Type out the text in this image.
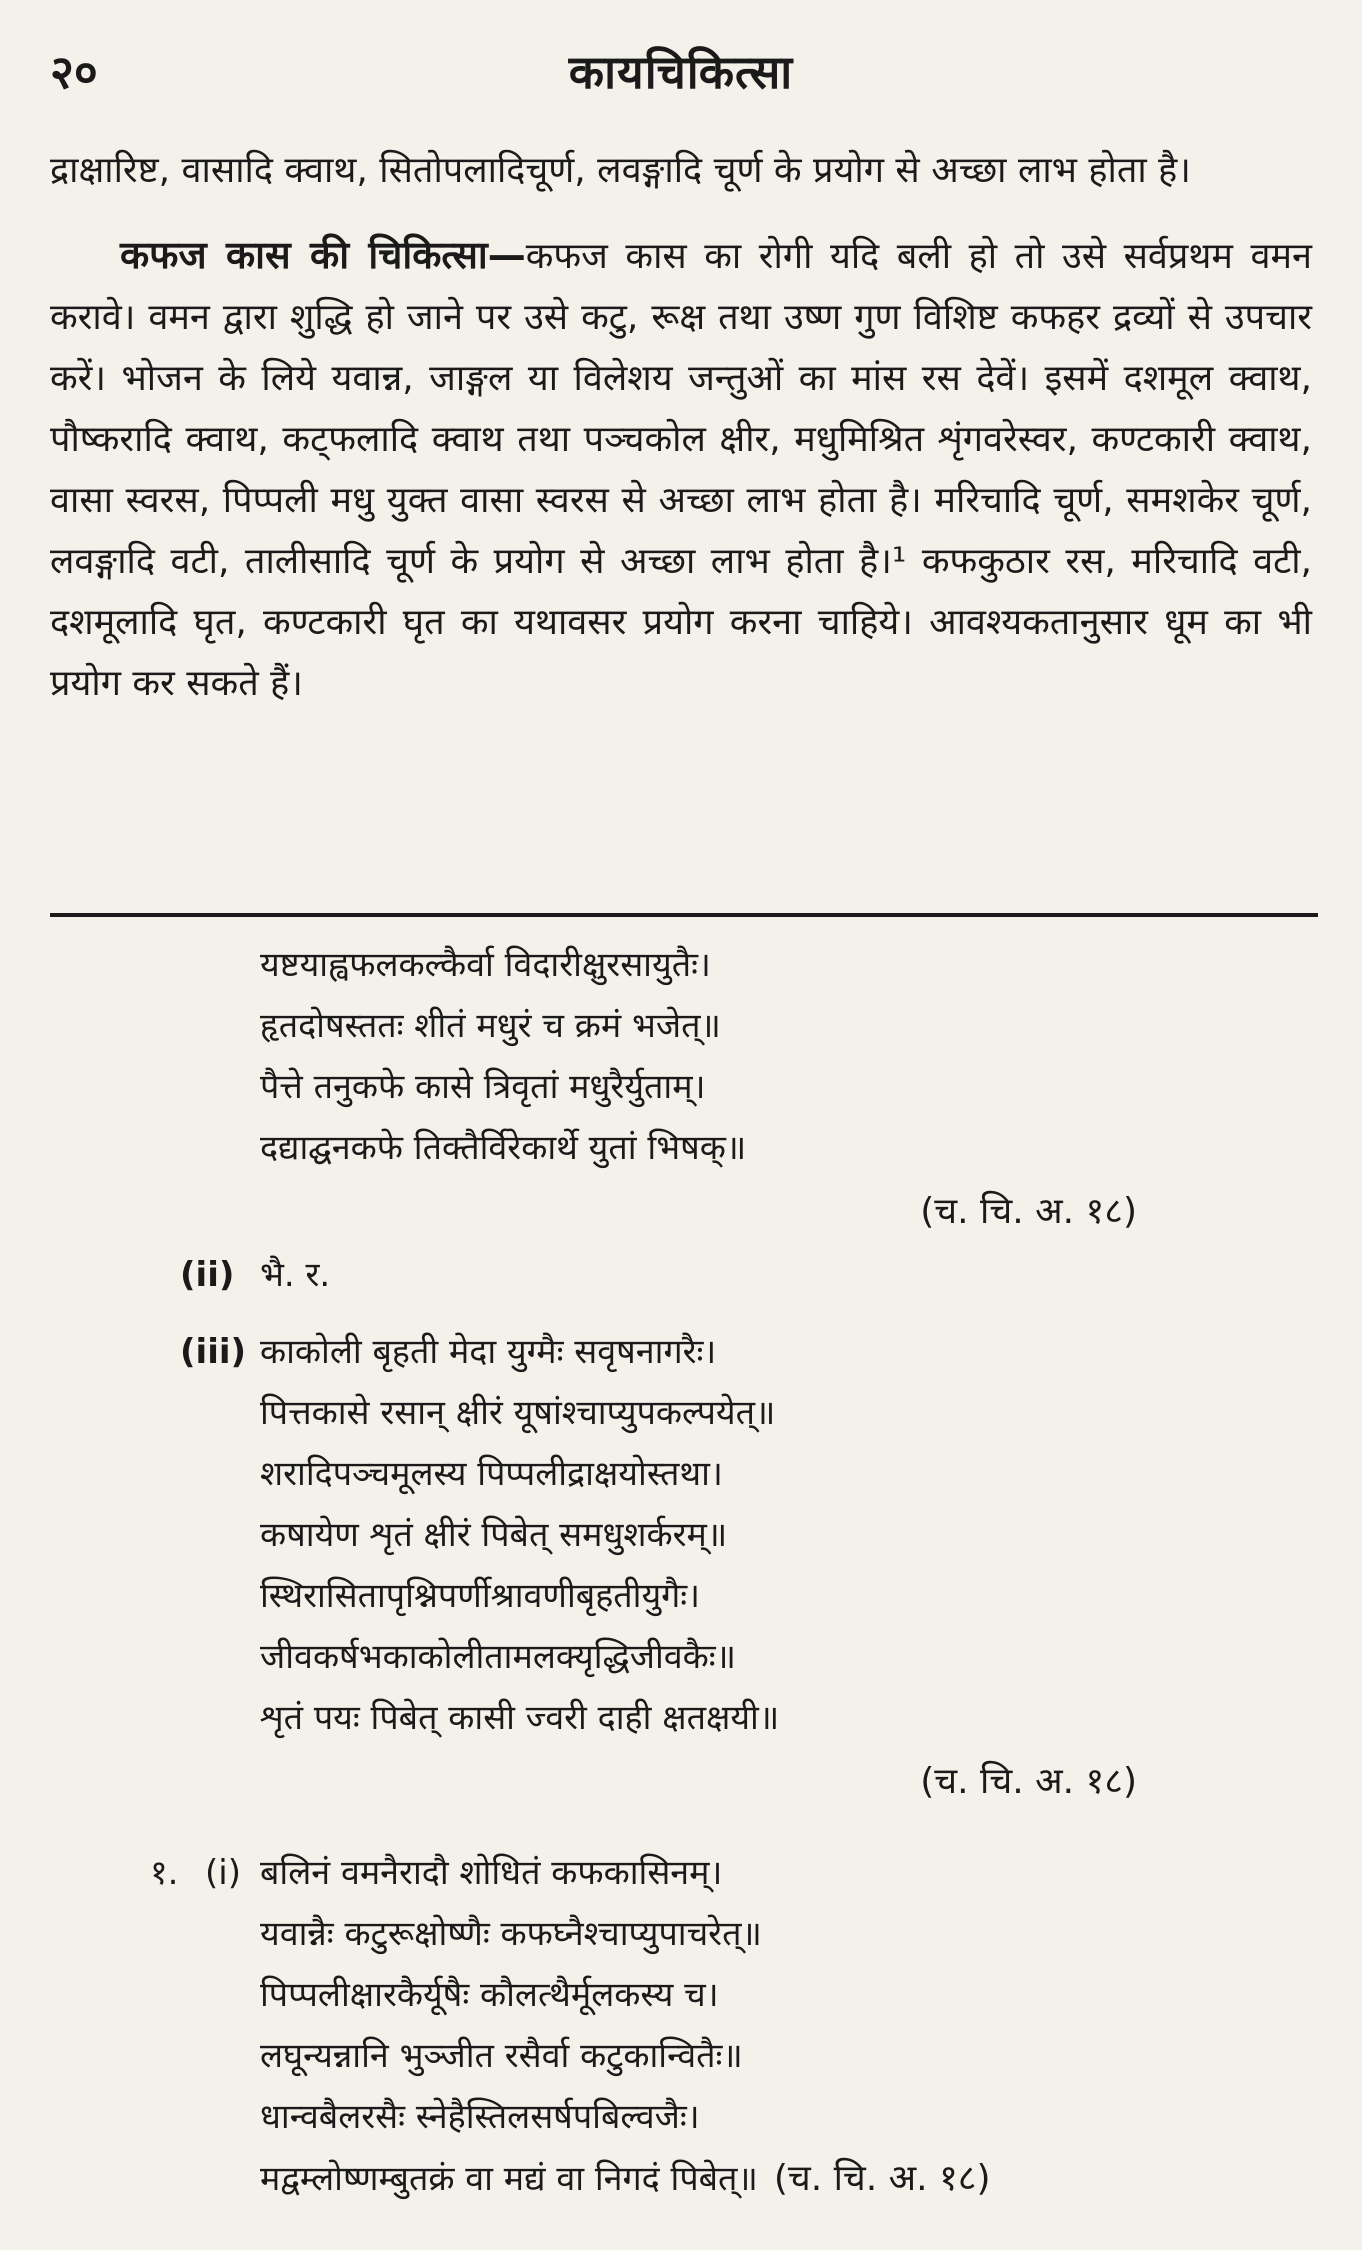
२०	कायचिकित्सा

द्राक्षारिष्ट, वासादि क्वाथ, सितोपलादिचूर्ण, लवङ्गादि चूर्ण के प्रयोग से अच्छा लाभ होता है।

कफज कास की चिकित्सा—कफज कास का रोगी यदि बली हो तो उसे सर्वप्रथम वमन करावे। वमन द्वारा शुद्धि हो जाने पर उसे कटु, रूक्ष तथा उष्ण गुण विशिष्ट कफहर द्रव्यों से उपचार करें। भोजन के लिये यवान्न, जाङ्गल या विलेशय जन्तुओं का मांस रस देवें। इसमें दशमूल क्वाथ, पौष्करादि क्वाथ, कट्फलादि क्वाथ तथा पञ्चकोल क्षीर, मधुमिश्रित शृंगवरेस्वर, कण्टकारी क्वाथ, वासा स्वरस, पिप्पली मधु युक्त वासा स्वरस से अच्छा लाभ होता है। मरिचादि चूर्ण, समशकेर चूर्ण, लवङ्गादि वटी, तालीसादि चूर्ण के प्रयोग से अच्छा लाभ होता है।¹ कफकुठार रस, मरिचादि वटी, दशमूलादि घृत, कण्टकारी घृत का यथावसर प्रयोग करना चाहिये। आवश्यकतानुसार धूम का भी प्रयोग कर सकते हैं।

यष्टयाह्वफलकल्कैर्वा विदारीक्षुरसायुतैः।
हृतदोषस्ततः शीतं मधुरं च क्रमं भजेत्॥
पैत्ते तनुकफे कासे त्रिवृतां मधुरैर्युताम्।
दद्याद्घनकफे तिक्तैर्विरेकार्थे युतां भिषक्॥
(च. चि. अ. १८)
(ii) भै. र.
(iii) काकोली बृहती मेदा युग्मैः सवृषनागरैः।
पित्तकासे रसान् क्षीरं यूषांश्चाप्युपकल्पयेत्॥
शरादिपञ्चमूलस्य पिप्पलीद्राक्षयोस्तथा।
कषायेण शृतं क्षीरं पिबेत् समधुशर्करम्॥
स्थिरासितापृश्निपर्णीश्रावणीबृहतीयुगैः।
जीवकर्षभकाकोलीतामलक्यृद्धिजीवकैः॥
शृतं पयः पिबेत् कासी ज्वरी दाही क्षतक्षयी॥
(च. चि. अ. १८)
१. (i) बलिनं वमनैरादौ शोधितं कफकासिनम्।
यवान्नैः कटुरूक्षोष्णैः कफघ्नैश्चाप्युपाचरेत्॥
पिप्पलीक्षारकैर्यूषैः कौलत्थैर्मूलकस्य च।
लघून्यन्नानि भुञ्जीत रसैर्वा कटुकान्वितैः॥
धान्वबैलरसैः स्नेहैस्तिलसर्षपबिल्वजैः।
मद्वम्लोष्णम्बुतक्रं वा मद्यं वा निगदं पिबेत्॥ (च. चि. अ. १८)
